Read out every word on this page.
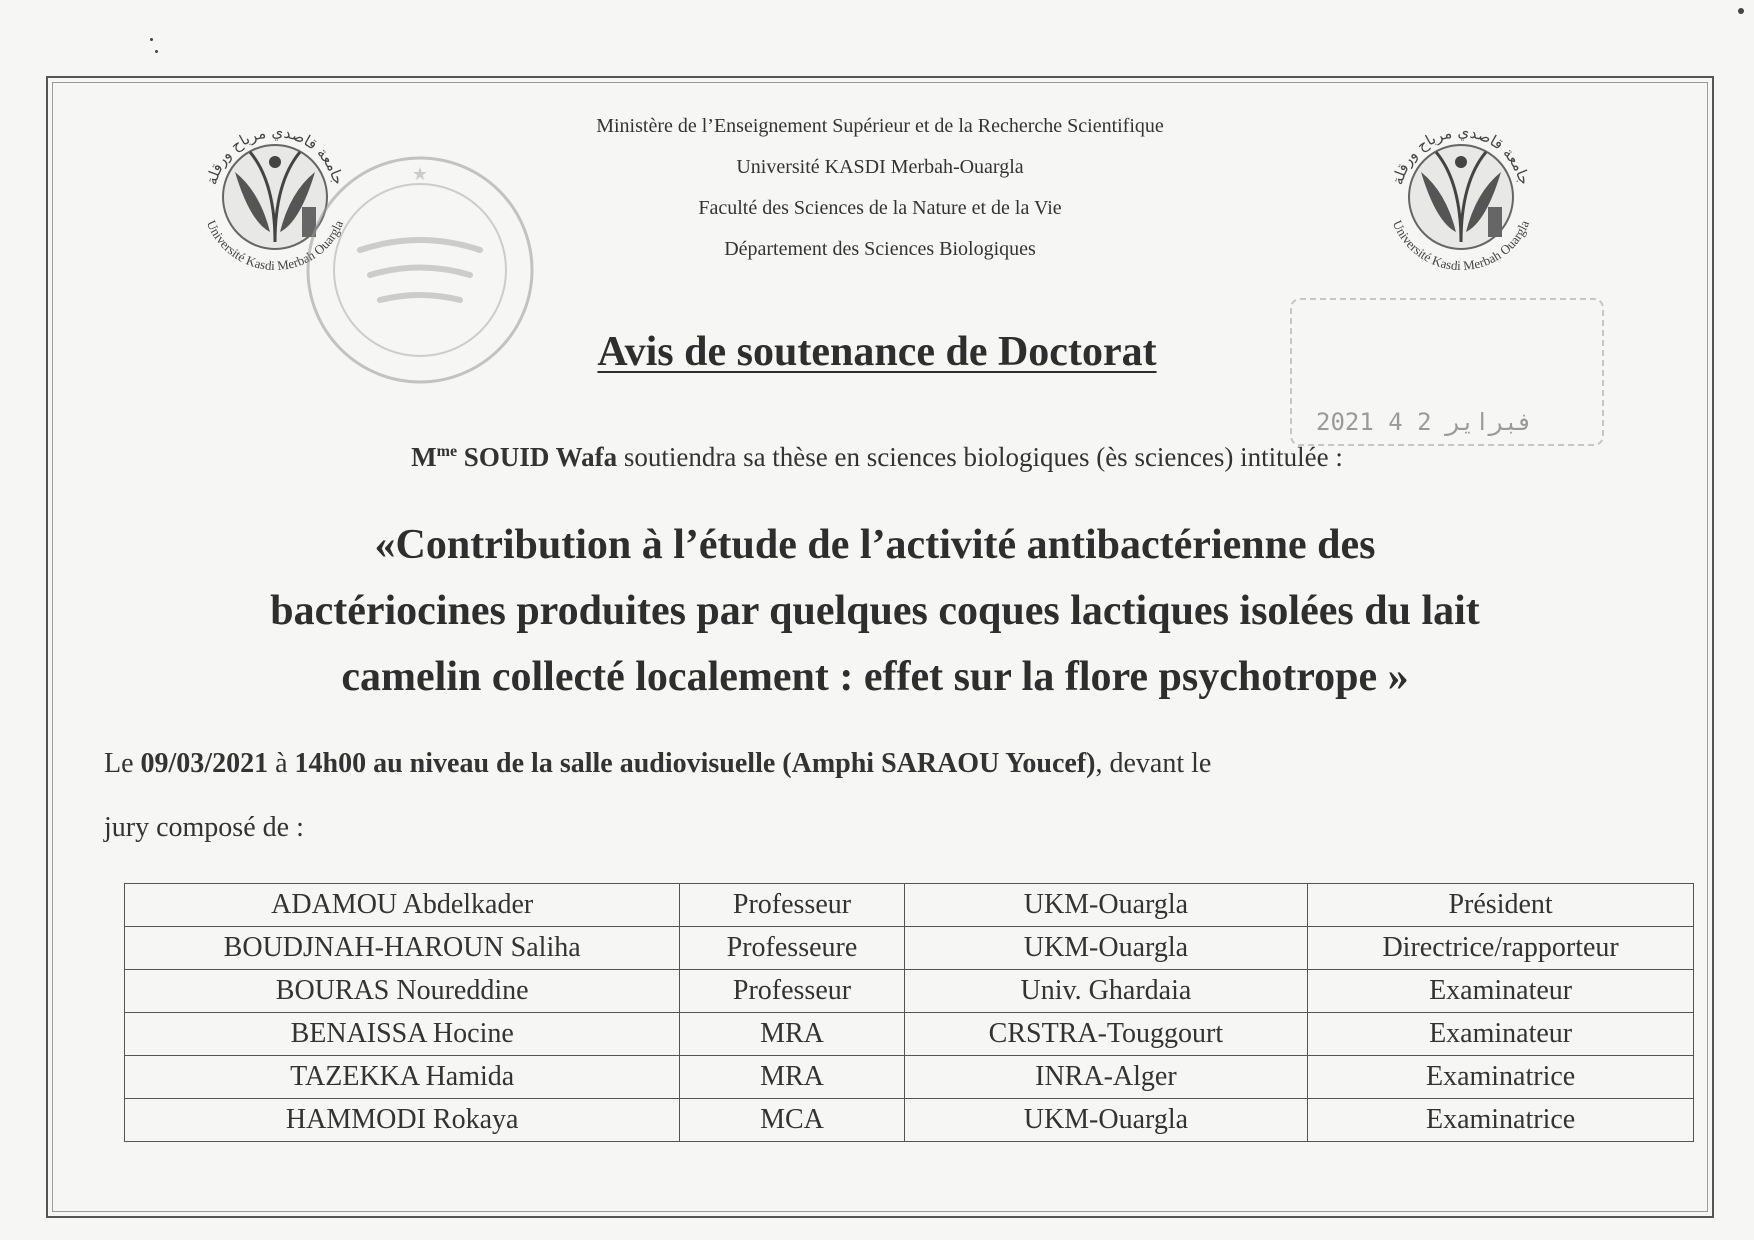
جامعة قاصدي مرباح ورقلة
Université Kasdi Merbah Ouargla
جامعة قاصدي مرباح ورقلة
Université Kasdi Merbah Ouargla
★
2021 فبراير 2 4
Ministère de l’Enseignement Supérieur et de la Recherche Scientifique
Université KASDI Merbah-Ouargla
Faculté des Sciences de la Nature et de la Vie
Département des Sciences Biologiques
Avis de soutenance de Doctorat
$M^{me}$ SOUID Wafa soutiendra sa thèse en sciences biologiques (ès sciences) intitulée :
«Contribution à l’étude de l’activité antibactérienne des
bactériocines produites par quelques coques lactiques isolées du lait
camelin collecté localement : effet sur la flore psychotrope »
Le 09/03/2021 à 14h00 au niveau de la salle audiovisuelle (Amphi SARAOU Youcef), devant le
jury composé de :
ADAMOU Abdelkader	Professeur	UKM-Ouargla	Président
BOUDJNAH-HAROUN Saliha	Professeure	UKM-Ouargla	Directrice/rapporteur
BOURAS Noureddine	Professeur	Univ. Ghardaia	Examinateur
BENAISSA Hocine	MRA	CRSTRA-Touggourt	Examinateur
TAZEKKA Hamida	MRA	INRA-Alger	Examinatrice
HAMMODI Rokaya	MCA	UKM-Ouargla	Examinatrice
